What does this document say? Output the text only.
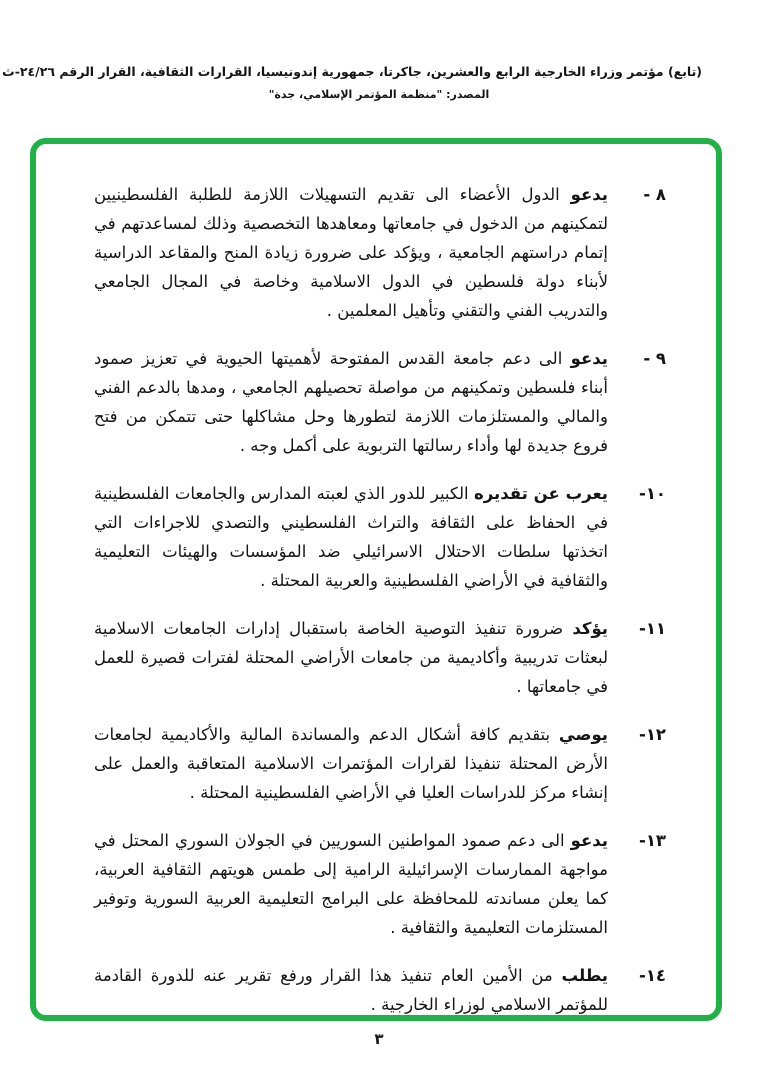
(تابع) مؤتمر وزراء الخارجية الرابع والعشرين، جاكرتا، جمهورية إندونيسيا، القرارات الثقافية، القرار الرقم ٢٤/٢٦-ث
المصدر: "منظمة المؤتمر الإسلامي، جدة"
٨ -

يدعو الدول الأعضاء الى تقديم التسهيلات اللازمة للطلبة الفلسطينيين لتمكينهم من الدخول في جامعاتها ومعاهدها التخصصية وذلك لمساعدتهم في إتمام دراستهم الجامعية ، ويؤكد على ضرورة زيادة المنح والمقاعد الدراسية لأبناء دولة فلسطين في الدول الاسلامية وخاصة في المجال الجامعي والتدريب الفني والتقني وتأهيل المعلمين .

٩ -

يدعو الى دعم جامعة القدس المفتوحة لأهميتها الحيوية في تعزيز صمود أبناء فلسطين وتمكينهم من مواصلة تحصيلهم الجامعي ، ومدها بالدعم الفني والمالي والمستلزمات اللازمة لتطورها وحل مشاكلها حتى تتمكن من فتح فروع جديدة لها وأداء رسالتها التربوية على أكمل وجه .

١٠-

يعرب عن تقديره الكبير للدور الذي لعبته المدارس والجامعات الفلسطينية في الحفاظ على الثقافة والتراث الفلسطيني والتصدي للاجراءات التي اتخذتها سلطات الاحتلال الاسرائيلي ضد المؤسسات والهيئات التعليمية والثقافية في الأراضي الفلسطينية والعربية المحتلة .

١١-

يؤكد ضرورة تنفيذ التوصية الخاصة باستقبال إدارات الجامعات الاسلامية لبعثات تدريبية وأكاديمية من جامعات الأراضي المحتلة لفترات قصيرة للعمل في جامعاتها .

١٢-

يوصي بتقديم كافة أشكال الدعم والمساندة المالية والأكاديمية لجامعات الأرض المحتلة تنفيذا لقرارات المؤتمرات الاسلامية المتعاقبة والعمل على إنشاء مركز للدراسات العليا في الأراضي الفلسطينية المحتلة .

١٣-

يدعو الى دعم صمود المواطنين السوريين في الجولان السوري المحتل في مواجهة الممارسات الإسرائيلية الرامية إلى طمس هويتهم الثقافية العربية، كما يعلن مساندته للمحافظة على البرامج التعليمية العربية السورية وتوفير المستلزمات التعليمية والثقافية .

١٤-

يطلب من الأمين العام تنفيذ هذا القرار ورفع تقرير عنه للدورة القادمة للمؤتمر الاسلامي لوزراء الخارجية .

٣
